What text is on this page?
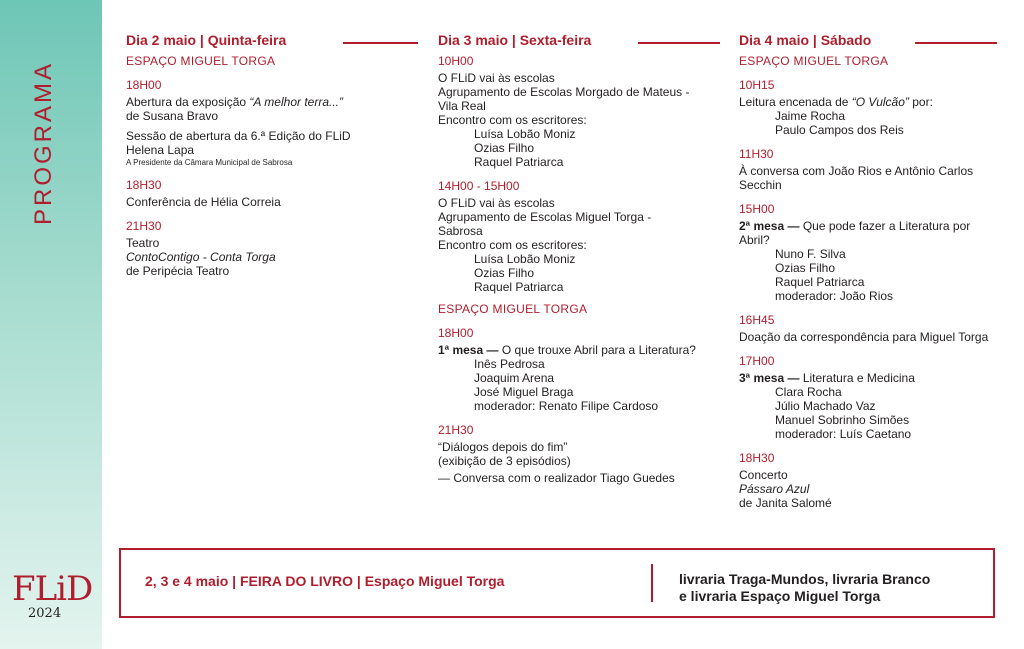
PROGRAMA
FLiD
2024
Dia 2 maio | Quinta-feira
ESPAÇO MIGUEL TORGA
18H00
Abertura da exposição “A melhor terra...”
de Susana Bravo
Sessão de abertura da 6.ª Edição do FLiD
Helena Lapa
A Presidente da Câmara Municipal de Sabrosa
18H30
Conferência de Hélia Correia
21H30
Teatro
ContoContigo - Conta Torga
de Peripécia Teatro
Dia 3 maio | Sexta-feira
10H00
O FLiD vai às escolas
Agrupamento de Escolas Morgado de Mateus -
Vila Real
Encontro com os escritores:
Luísa Lobão Moniz
Ozias Filho
Raquel Patriarca
14H00 - 15H00
O FLiD vai às escolas
Agrupamento de Escolas Miguel Torga -
Sabrosa
Encontro com os escritores:
Luísa Lobão Moniz
Ozias Filho
Raquel Patriarca
ESPAÇO MIGUEL TORGA
18H00
1ª mesa — O que trouxe Abril para a Literatura?
Inês Pedrosa
Joaquim Arena
José Miguel Braga
moderador: Renato Filipe Cardoso
21H30
“Diálogos depois do fim”
(exibição de 3 episódios)
— Conversa com o realizador Tiago Guedes
Dia 4 maio | Sábado
ESPAÇO MIGUEL TORGA
10H15
Leitura encenada de “O Vulcão” por:
Jaime Rocha
Paulo Campos dos Reis
11H30
À conversa com João Rios e Antônio Carlos
Secchin
15H00
2ª mesa — Que pode fazer a Literatura por
Abril?
Nuno F. Silva
Ozias Filho
Raquel Patriarca
moderador: João Rios
16H45
Doação da correspondência para Miguel Torga
17H00
3ª mesa — Literatura e Medicina
Clara Rocha
Júlio Machado Vaz
Manuel Sobrinho Simões
moderador: Luís Caetano
18H30
Concerto
Pássaro Azul
de Janita Salomé
2, 3 e 4 maio | FEIRA DO LIVRO | Espaço Miguel Torga	livraria Traga-Mundos, livraria Branco
e livraria Espaço Miguel Torga
